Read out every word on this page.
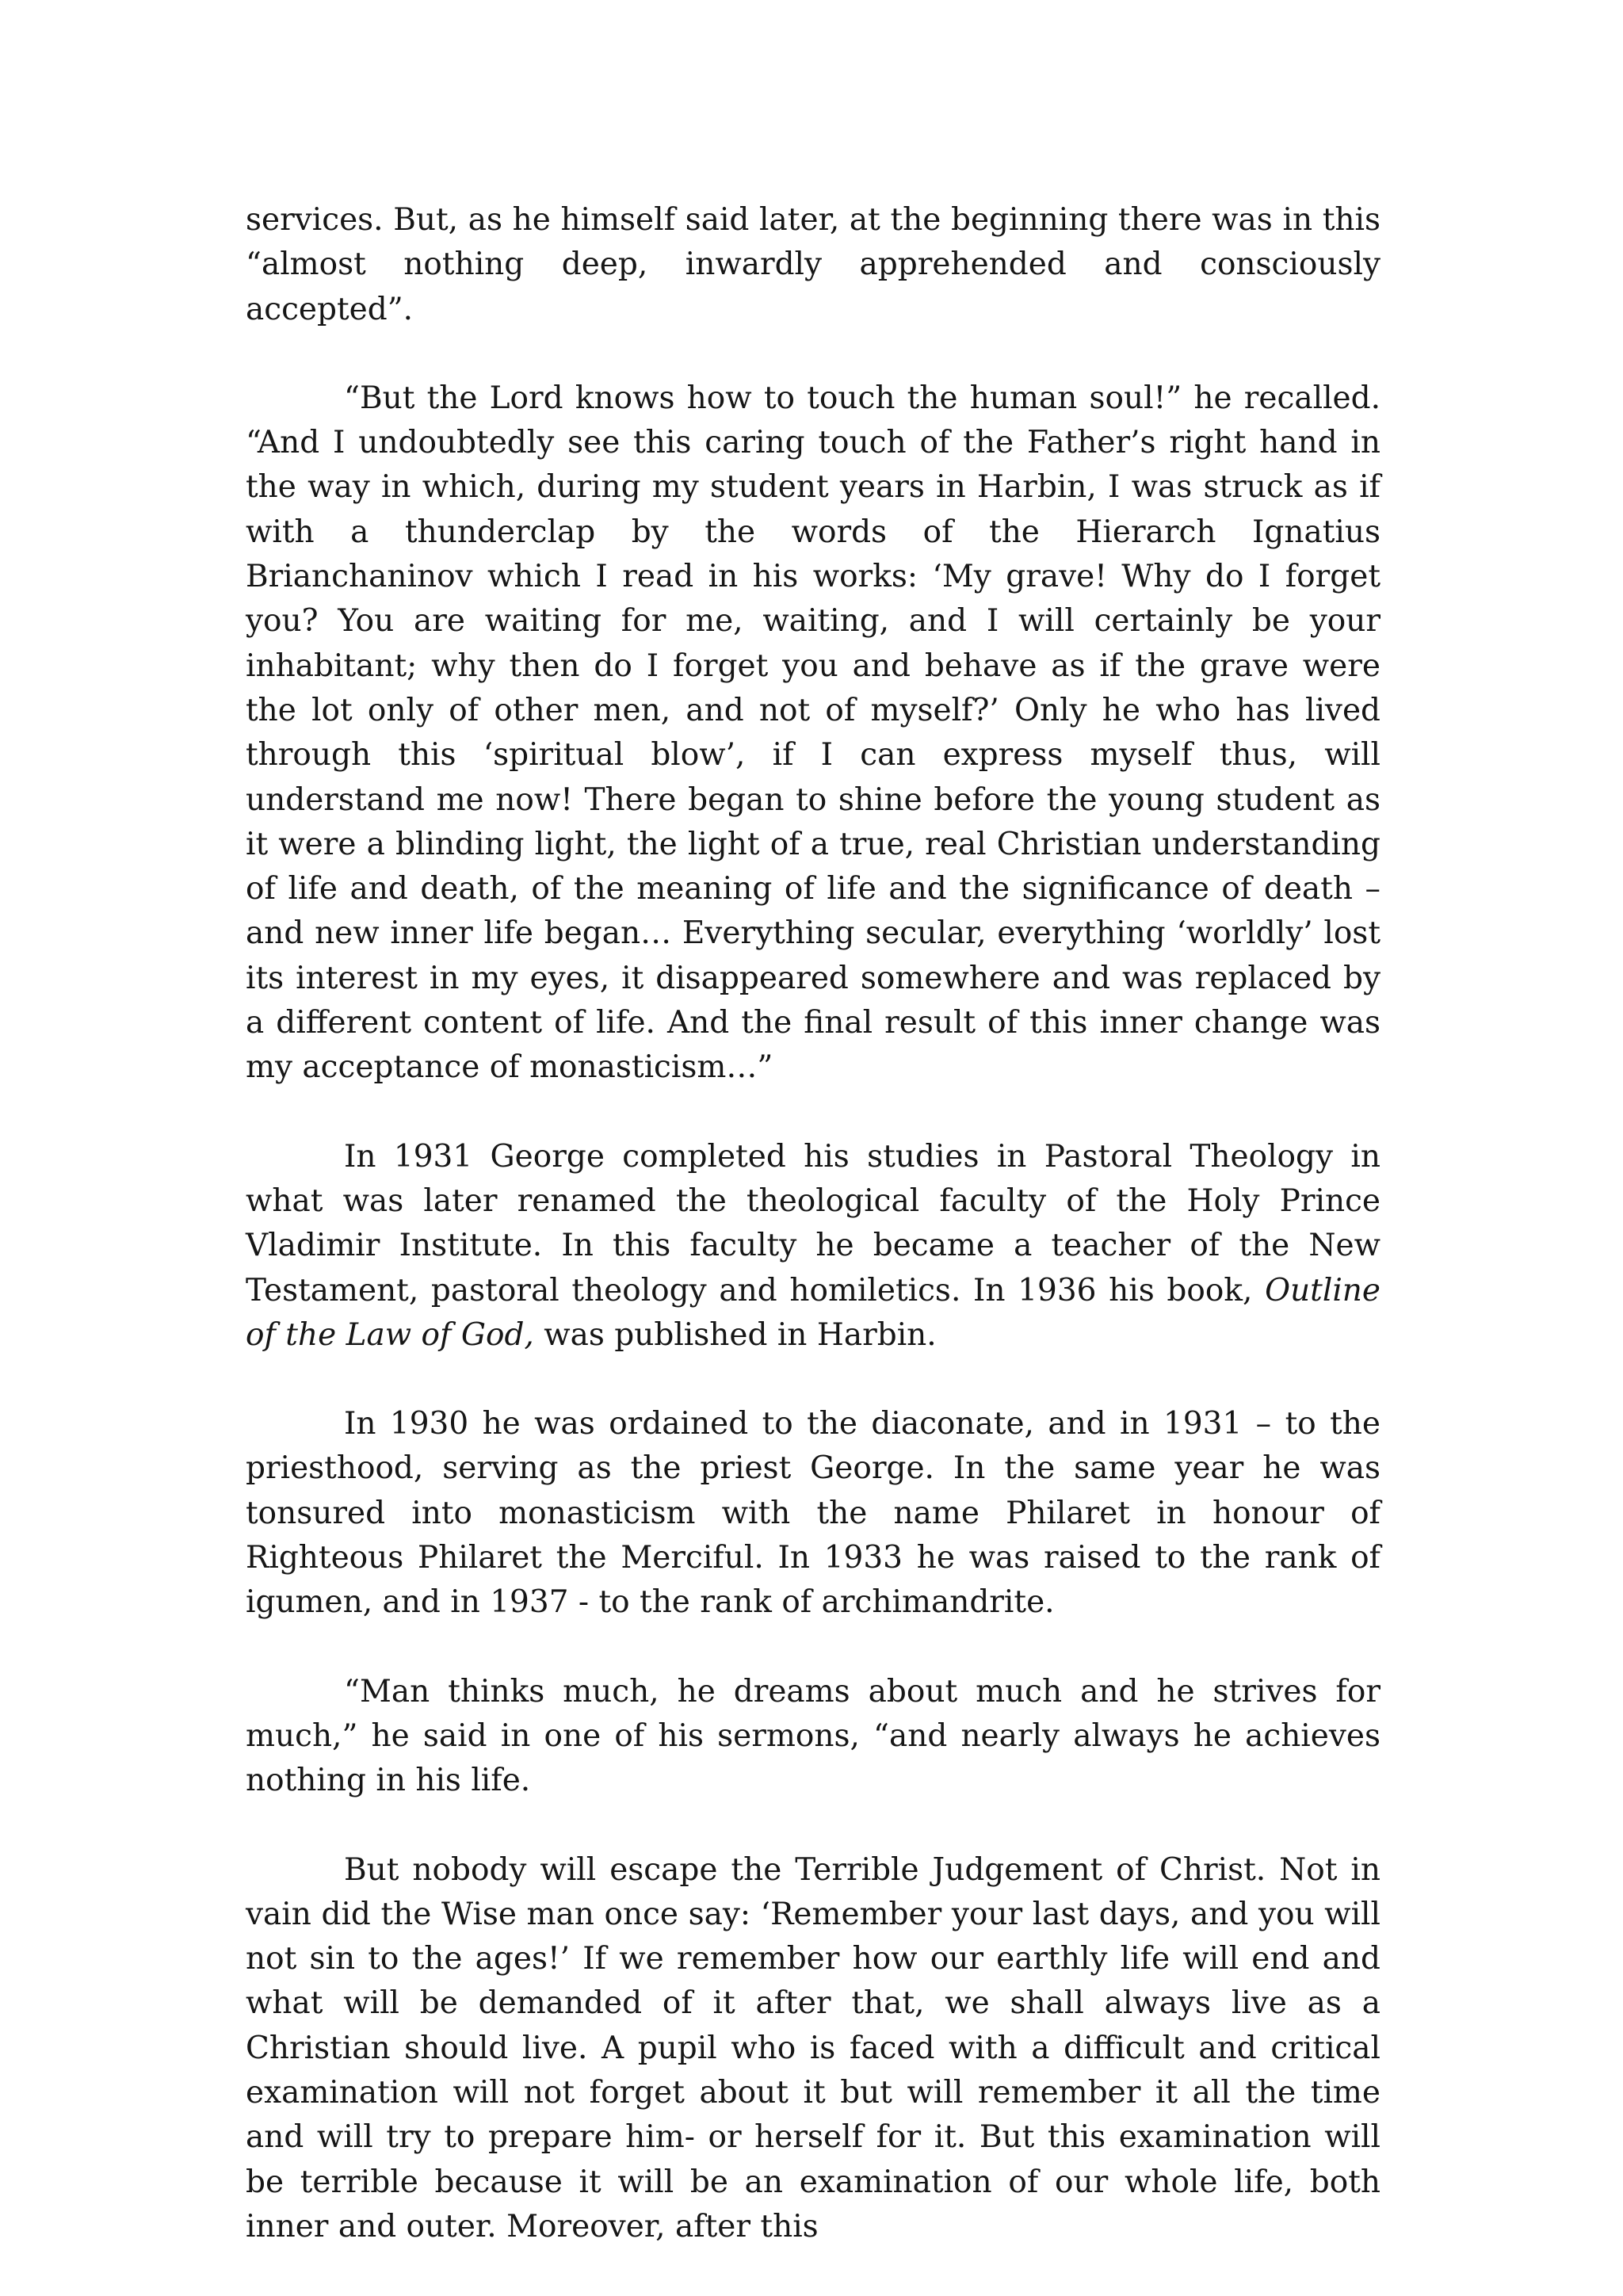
services. But, as he himself said later, at the beginning there was in this “almost nothing deep, inwardly apprehended and consciously accepted”.

“But the Lord knows how to touch the human soul!” he recalled. “And I undoubtedly see this caring touch of the Father’s right hand in the way in which, during my student years in Harbin, I was struck as if with a thunderclap by the words of the Hierarch Ignatius Brianchaninov which I read in his works: ‘My grave! Why do I forget you? You are waiting for me, waiting, and I will certainly be your inhabitant; why then do I forget you and behave as if the grave were the lot only of other men, and not of myself?’ Only he who has lived through this ‘spiritual blow’, if I can express myself thus, will understand me now! There began to shine before the young student as it were a blinding light, the light of a true, real Christian understanding of life and death, of the meaning of life and the significance of death – and new inner life began… Everything secular, everything ‘worldly’ lost its interest in my eyes, it disappeared somewhere and was replaced by a different content of life. And the final result of this inner change was my acceptance of monasticism…”

In 1931 George completed his studies in Pastoral Theology in what was later renamed the theological faculty of the Holy Prince Vladimir Institute. In this faculty he became a teacher of the New Testament, pastoral theology and homiletics. In 1936 his book, Outline of the Law of God, was published in Harbin.

In 1930 he was ordained to the diaconate, and in 1931 – to the priesthood, serving as the priest George. In the same year he was tonsured into monasticism with the name Philaret in honour of Righteous Philaret the Merciful. In 1933 he was raised to the rank of igumen, and in 1937 - to the rank of archimandrite.

“Man thinks much, he dreams about much and he strives for much,” he said in one of his sermons, “and nearly always he achieves nothing in his life.

But nobody will escape the Terrible Judgement of Christ. Not in vain did the Wise man once say: ‘Remember your last days, and you will not sin to the ages!’ If we remember how our earthly life will end and what will be demanded of it after that, we shall always live as a Christian should live. A pupil who is faced with a difficult and critical examination will not forget about it but will remember it all the time and will try to prepare him- or herself for it. But this examination will be terrible because it will be an examination of our whole life, both inner and outer. Moreover, after this
